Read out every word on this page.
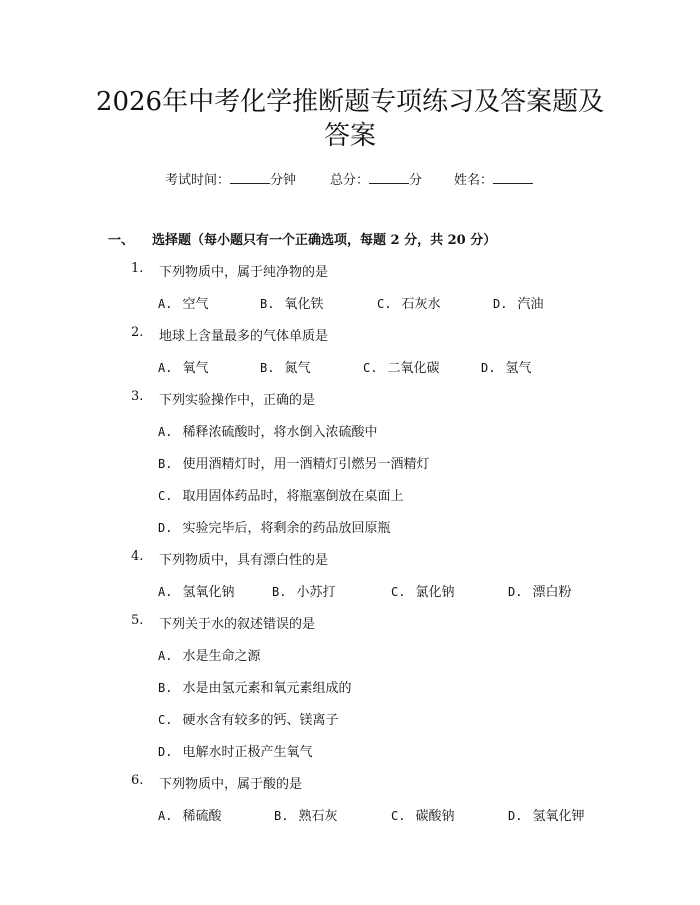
2026年中考化学推断题专项练习及答案题及
答案
考试时间：	分钟	总分：	分 姓名：
一、 选择题（每小题只有一个正确选项，每题 2 分，共 20 分）
1. 下列物质中，属于纯净物的是
A. 空气	B. 氧化铁	C. 石灰水	D. 汽油
2. 地球上含量最多的气体单质是
A. 氧气	B. 氮气	C. 二氧化碳	D. 氢气
3. 下列实验操作中，正确的是
A. 稀释浓硫酸时，将水倒入浓硫酸中
B. 使用酒精灯时，用一酒精灯引燃另一酒精灯
C. 取用固体药品时，将瓶塞倒放在桌面上
D. 实验完毕后，将剩余的药品放回原瓶
4. 下列物质中，具有漂白性的是
A. 氢氧化钠	B. 小苏打	C. 氯化钠	D. 漂白粉
5. 下列关于水的叙述错误的是
A. 水是生命之源
B. 水是由氢元素和氧元素组成的
C. 硬水含有较多的钙、镁离子
D. 电解水时正极产生氧气
6. 下列物质中，属于酸的是
A. 稀硫酸	B. 熟石灰	C. 碳酸钠	D. 氢氧化钾
